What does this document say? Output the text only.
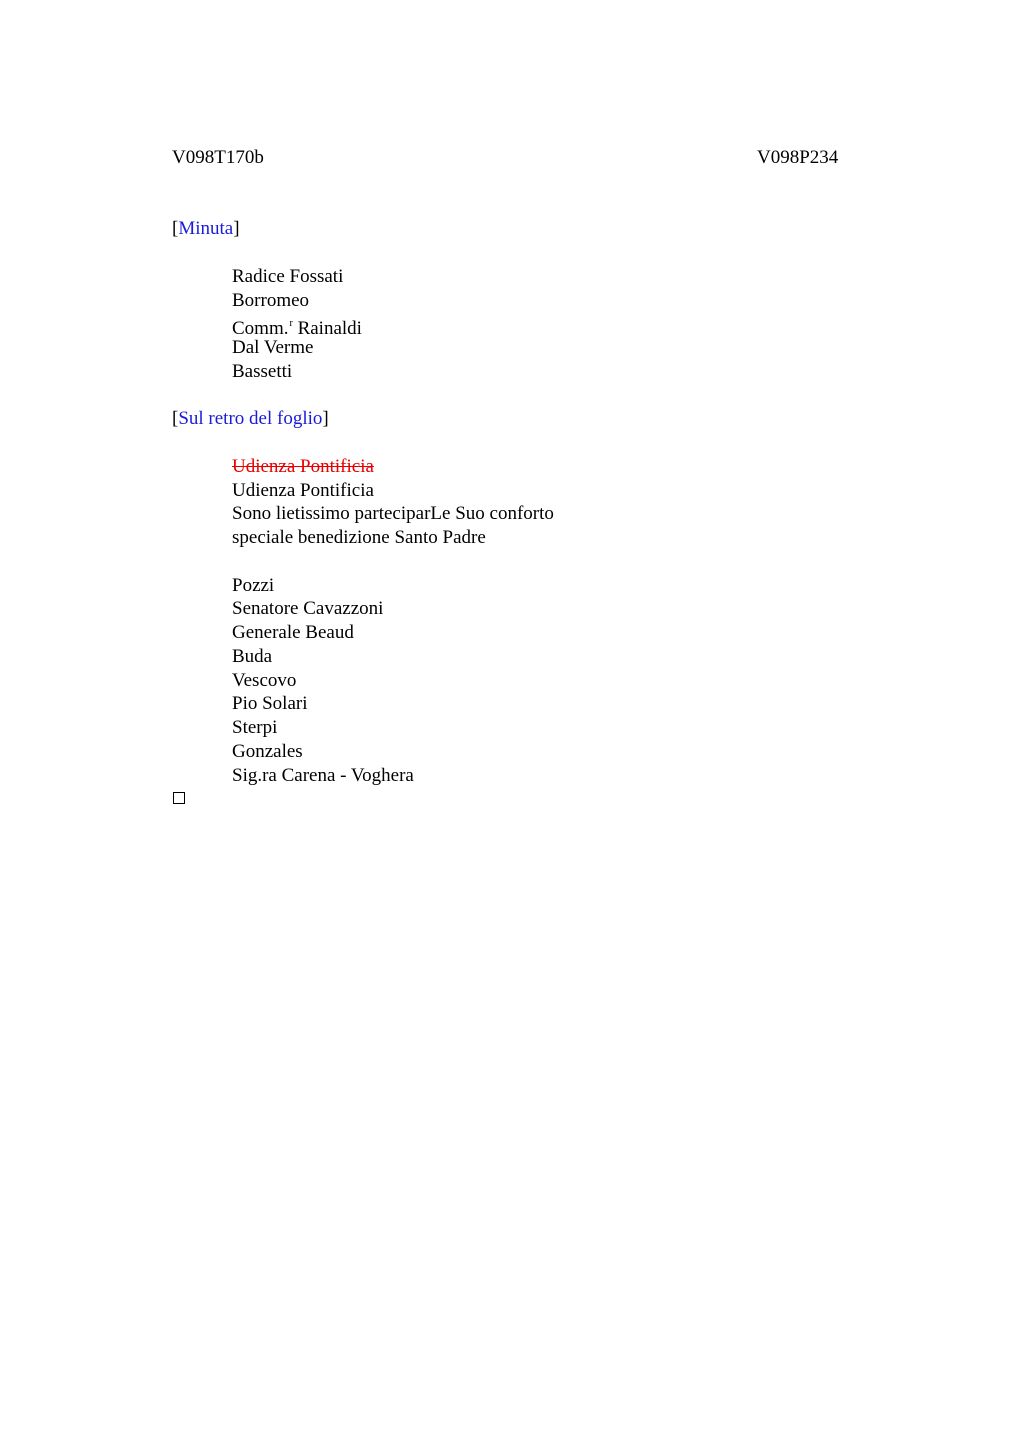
V098T170b	V098P234

[Minuta]

Radice Fossati

Borromeo

Comm.$^r$ Rainaldi

Dal Verme

Bassetti

[Sul retro del foglio]

Udienza Pontificia

Udienza Pontificia

Sono lietissimo parteciparLe Suo conforto

speciale benedizione Santo Padre

Pozzi

Senatore Cavazzoni

Generale Beaud

Buda

Vescovo

Pio Solari

Sterpi

Gonzales

Sig.ra Carena - Voghera
